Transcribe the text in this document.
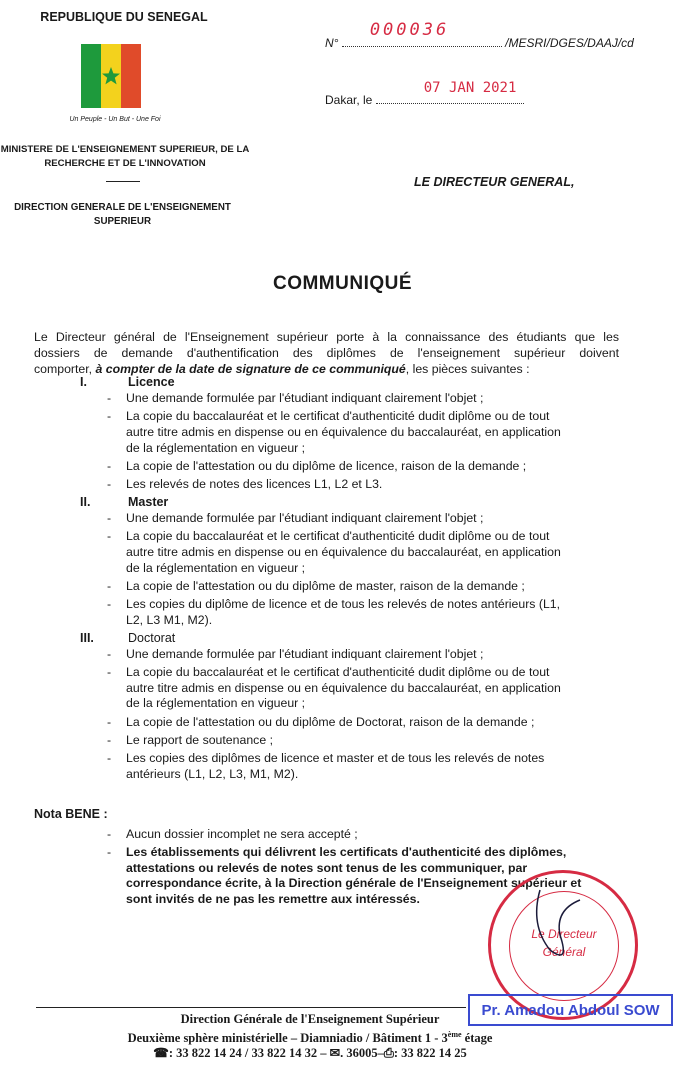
REPUBLIQUE DU SENEGAL
Un Peuple - Un But - Une Foi
MINISTERE DE L'ENSEIGNEMENT SUPERIEUR, DE LA
RECHERCHE ET DE L'INNOVATION
DIRECTION GENERALE DE L'ENSEIGNEMENT
SUPERIEUR
N°
000036
/MESRI/DGES/DAAJ/cd
Dakar, le
07 JAN 2021
LE DIRECTEUR GENERAL,
COMMUNIQUÉ
Le Directeur général de l'Enseignement supérieur porte à la connaissance des étudiants que les
dossiers de demande d'authentification des diplômes de l'enseignement supérieur doivent
comporter, à compter de la date de signature de ce communiqué, les pièces suivantes :
I.	Licence
- Une demande formulée par l'étudiant indiquant clairement l'objet ;
- La copie du baccalauréat et le certificat d'authenticité dudit diplôme ou de tout
autre titre admis en dispense ou en équivalence du baccalauréat, en application
de la réglementation en vigueur ;
- La copie de l'attestation ou du diplôme de licence, raison de la demande ;
- Les relevés de notes des licences L1, L2 et L3.
II.	Master
- Une demande formulée par l'étudiant indiquant clairement l'objet ;
- La copie du baccalauréat et le certificat d'authenticité dudit diplôme ou de tout
autre titre admis en dispense ou en équivalence du baccalauréat, en application
de la réglementation en vigueur ;
- La copie de l'attestation ou du diplôme de master, raison de la demande ;
- Les copies du diplôme de licence et de tous les relevés de notes antérieurs (L1,
L2, L3 M1, M2).
III.	Doctorat
- Une demande formulée par l'étudiant indiquant clairement l'objet ;
- La copie du baccalauréat et le certificat d'authenticité dudit diplôme ou de tout
autre titre admis en dispense ou en équivalence du baccalauréat, en application
de la réglementation en vigueur ;
- La copie de l'attestation ou du diplôme de Doctorat, raison de la demande ;
- Le rapport de soutenance ;
- Les copies des diplômes de licence et master et de tous les relevés de notes
antérieurs (L1, L2, L3, M1, M2).
Nota BENE :
- Aucun dossier incomplet ne sera accepté ;
- Les établissements qui délivrent les certificats d'authenticité des diplômes,
attestations ou relevés de notes sont tenus de les communiquer, par
correspondance écrite, à la Direction générale de l'Enseignement supérieur et
sont invités de ne pas les remettre aux intéressés.
Le Directeur
Général
Pr. Amadou Abdoul SOW
Direction Générale de l'Enseignement Supérieur
Deuxième sphère ministérielle – Diamniadio / Bâtiment 1 - 3ème étage
☎: 33 822 14 24 / 33 822 14 32 – ✉. 36005–⎙: 33 822 14 25
